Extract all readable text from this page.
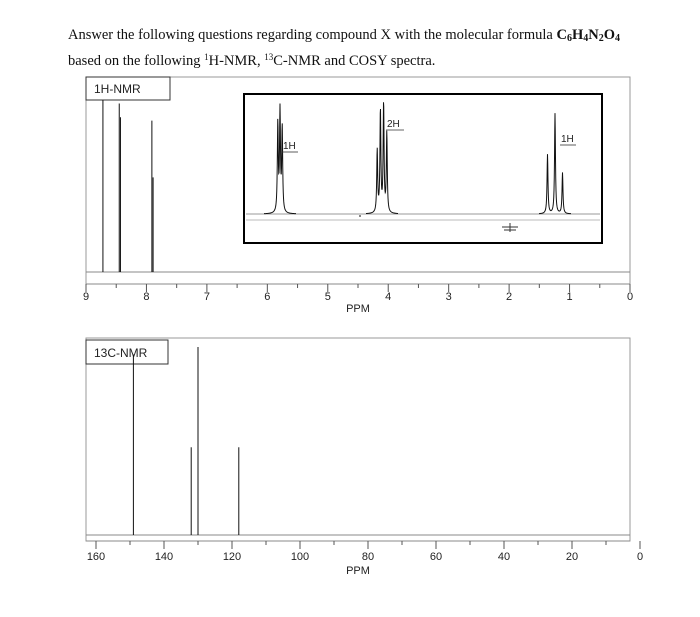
Answer the following questions regarding compound X with the molecular formula $C_6H_4N_2O_4$
based on the following $^1$H-NMR, $^{13}$C-NMR and COSY spectra.
1H-NMR
9	8	7	6	5	4	3	2	1	0
PPM
1H
2H
1H
13C-NMR
160	140	120	100	80	60	40	20	0
PPM
